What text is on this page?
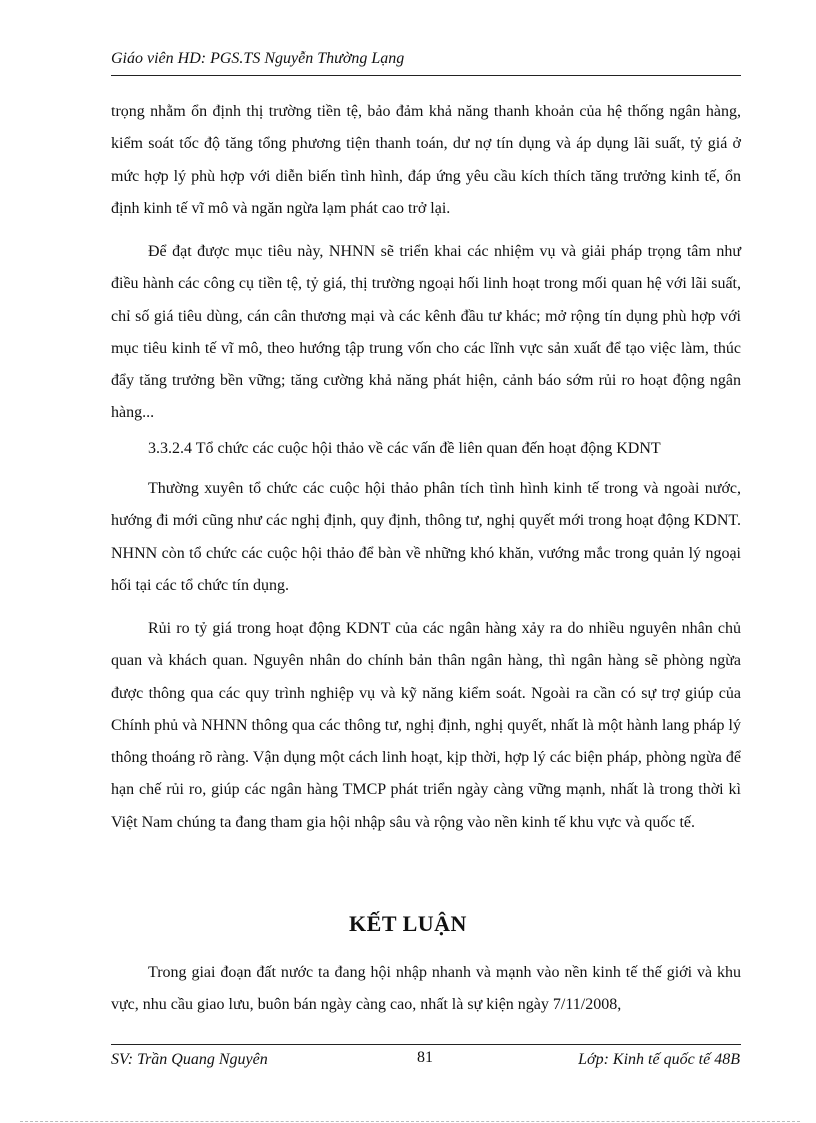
Giáo viên HD: PGS.TS Nguyễn Thường Lạng

trọng nhằm ổn định thị trường tiền tệ, bảo đảm khả năng thanh khoản của hệ thống ngân hàng, kiểm soát tốc độ tăng tổng phương tiện thanh toán, dư nợ tín dụng và áp dụng lãi suất, tỷ giá ở mức hợp lý phù hợp với diễn biến tình hình, đáp ứng yêu cầu kích thích tăng trưởng kinh tế, ổn định kinh tế vĩ mô và ngăn ngừa lạm phát cao trở lại.

Để đạt được mục tiêu này, NHNN sẽ triển khai các nhiệm vụ và giải pháp trọng tâm như điều hành các công cụ tiền tệ, tỷ giá, thị trường ngoại hối linh hoạt trong mối quan hệ với lãi suất, chỉ số giá tiêu dùng, cán cân thương mại và các kênh đầu tư khác; mở rộng tín dụng phù hợp với mục tiêu kinh tế vĩ mô, theo hướng tập trung vốn cho các lĩnh vực sản xuất để tạo việc làm, thúc đẩy tăng trưởng bền vững; tăng cường khả năng phát hiện, cảnh báo sớm rủi ro hoạt động ngân hàng...

3.3.2.4 Tổ chức các cuộc hội thảo về các vấn đề liên quan đến hoạt động KDNT

Thường xuyên tổ chức các cuộc hội thảo phân tích tình hình kinh tế trong và ngoài nước, hướng đi mới cũng như các nghị định, quy định, thông tư, nghị quyết mới trong hoạt động KDNT. NHNN còn tổ chức các cuộc hội thảo để bàn về những khó khăn, vướng mắc trong quản lý ngoại hối tại các tổ chức tín dụng.

Rủi ro tỷ giá trong hoạt động KDNT của các ngân hàng xảy ra do nhiều nguyên nhân chủ quan và khách quan. Nguyên nhân do chính bản thân ngân hàng, thì ngân hàng sẽ phòng ngừa được thông qua các quy trình nghiệp vụ và kỹ năng kiểm soát. Ngoài ra cần có sự trợ giúp của Chính phủ và NHNN thông qua các thông tư, nghị định, nghị quyết, nhất là một hành lang pháp lý thông thoáng rõ ràng. Vận dụng một cách linh hoạt, kịp thời, hợp lý các biện pháp, phòng ngừa để hạn chế rủi ro, giúp các ngân hàng TMCP phát triển ngày càng vững mạnh, nhất là trong thời kì Việt Nam chúng ta đang tham gia hội nhập sâu và rộng vào nền kinh tế khu vực và quốc tế.

KẾT LUẬN

Trong giai đoạn đất nước ta đang hội nhập nhanh và mạnh vào nền kinh tế thế giới và khu vực, nhu cầu giao lưu, buôn bán ngày càng cao, nhất là sự kiện ngày 7/11/2008,

SV: Trần Quang Nguyên	81	Lớp: Kinh tế quốc tế 48B
